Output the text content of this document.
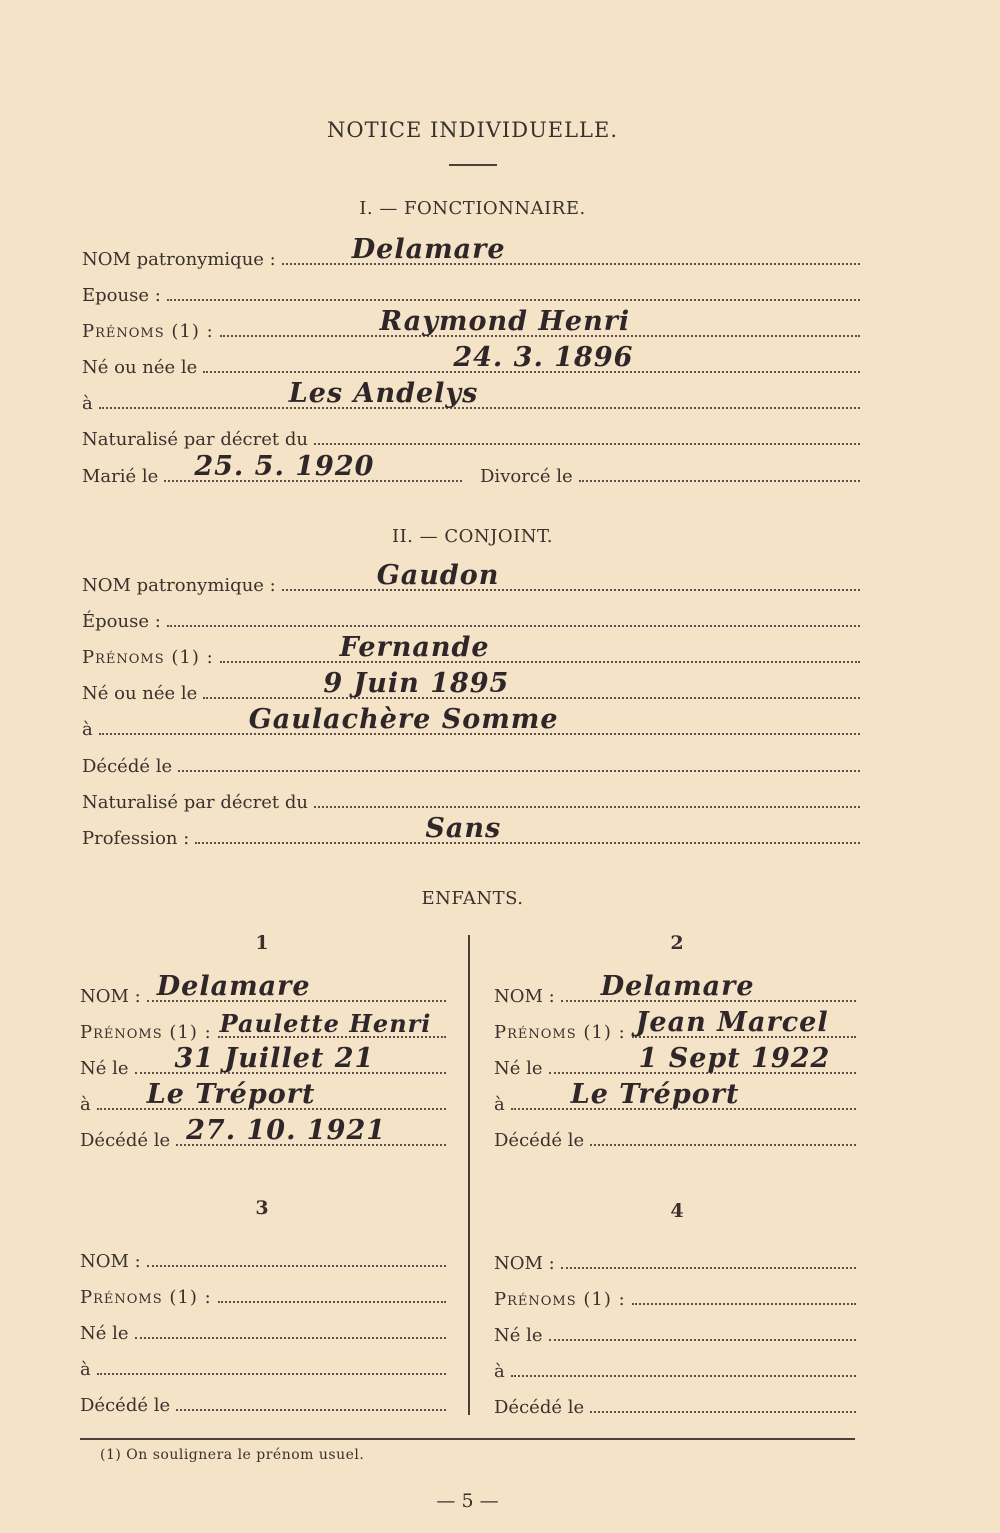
NOTICE INDIVIDUELLE.
I. — FONCTIONNAIRE.
NOM patronymique :	Delamare
Epouse :
Prénoms (1) :	Raymond Henri
Né ou née le	24. 3. 1896
à	Les Andelys
Naturalisé par décret du
Marié le 25. 5. 1920	Divorcé le
II. — CONJOINT.
NOM patronymique :	Gaudon
Épouse :
Prénoms (1) :	Fernande
Né ou née le	9 Juin 1895
à	Gaulachère Somme
Décédé le
Naturalisé par décret du
Profession :	Sans
ENFANTS.
1
NOM : Delamare
Prénoms (1) : Paulette Henri
Né le 31 Juillet 21
à Le Tréport
Décédé le 27. 10. 1921
2
NOM : Delamare
Prénoms (1) : Jean Marcel
Né le	1 Sept 1922
à Le Tréport
Décédé le
3
NOM :
Prénoms (1) :
Né le
à
Décédé le
4
NOM :
Prénoms (1) :
Né le
à
Décédé le
(1) On soulignera le prénom usuel.
— 5 —
